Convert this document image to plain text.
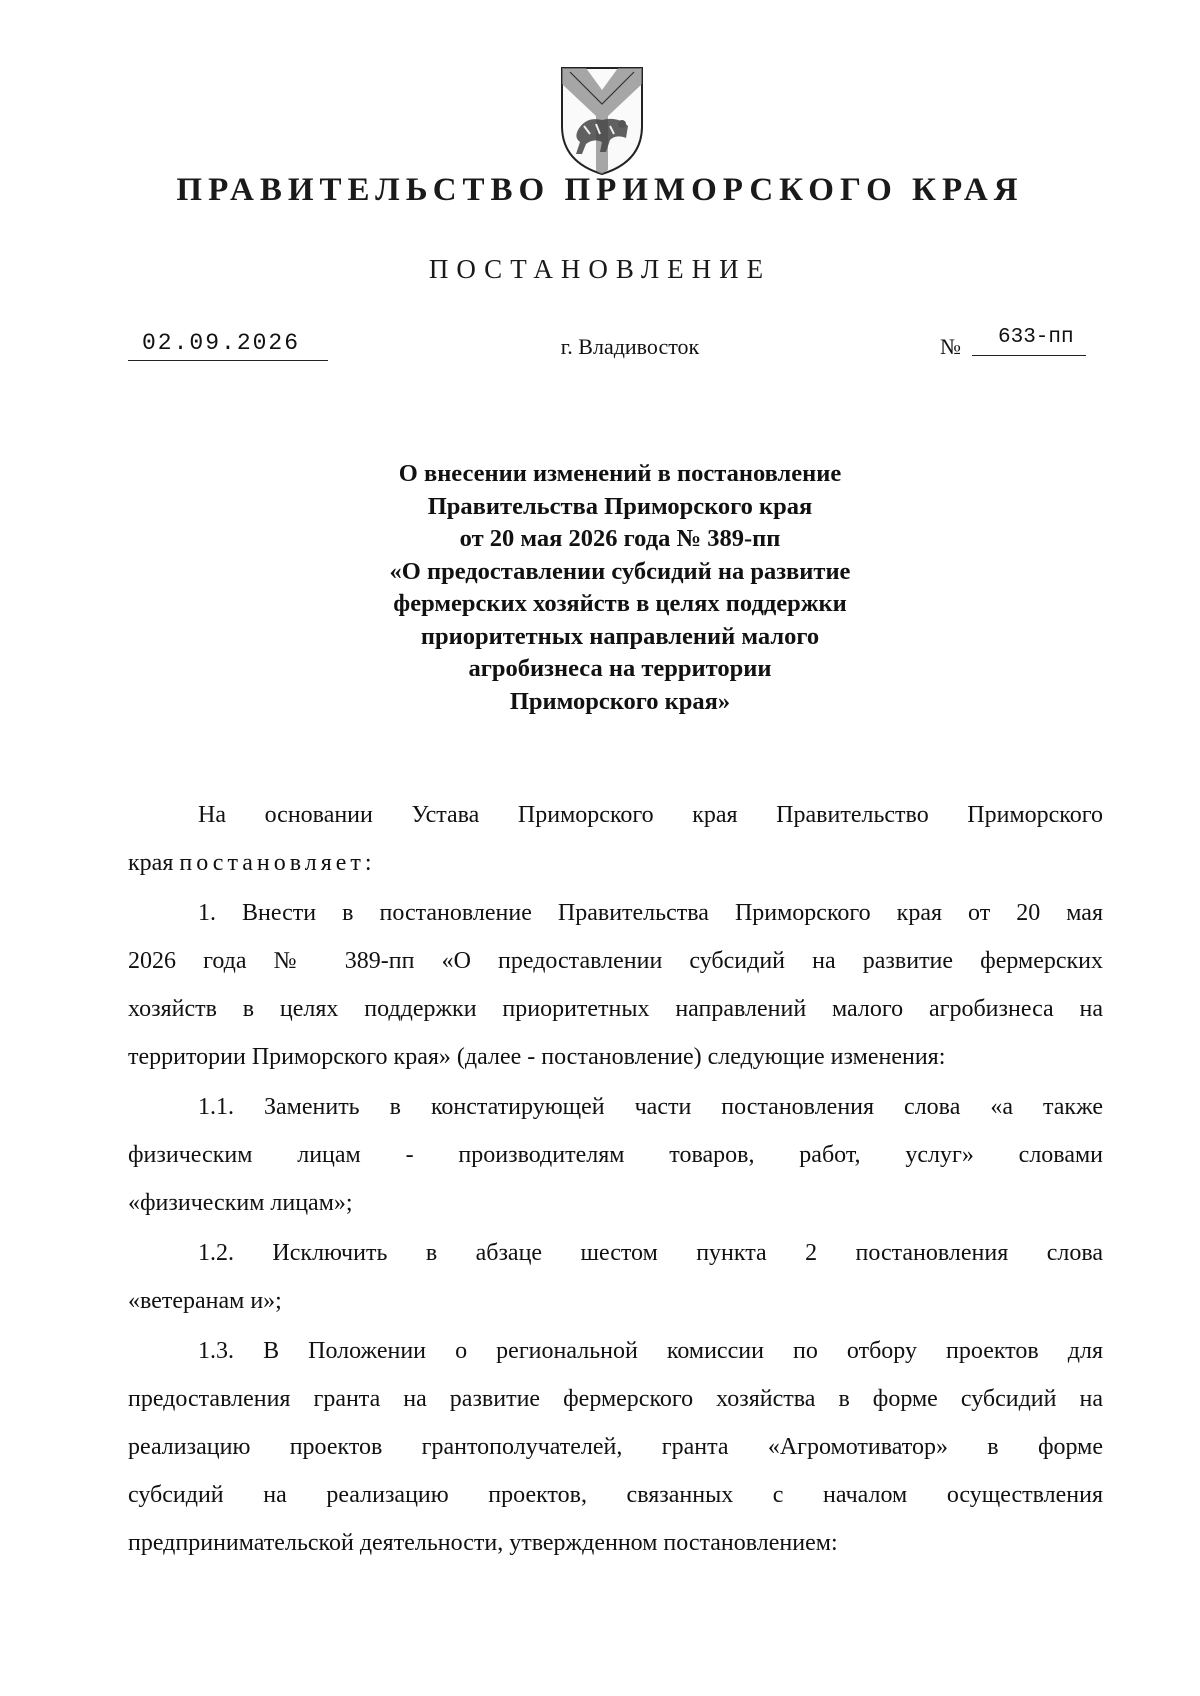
ПРАВИТЕЛЬСТВО ПРИМОРСКОГО КРАЯ
ПОСТАНОВЛЕНИЕ
02.09.2026	г. Владивосток	№	633-пп
О внесении изменений в постановление
Правительства Приморского края
от 20 мая 2026 года № 389-пп
«О предоставлении субсидий на развитие
фермерских хозяйств в целях поддержки
приоритетных направлений малого
агробизнеса на территории
Приморского края»
На основании Устава Приморского края Правительство Приморского
края постановляет:
1. Внести в постановление Правительства Приморского края от 20 мая
2026 года № 389-пп «О предоставлении субсидий на развитие фермерских
хозяйств в целях поддержки приоритетных направлений малого агробизнеса на
территории Приморского края» (далее - постановление) следующие изменения:
1.1. Заменить в констатирующей части постановления слова «а также
физическим лицам - производителям товаров, работ, услуг» словами
«физическим лицам»;
1.2. Исключить в абзаце шестом пункта 2 постановления слова
«ветеранам и»;
1.3. В Положении о региональной комиссии по отбору проектов для
предоставления гранта на развитие фермерского хозяйства в форме субсидий на
реализацию проектов грантополучателей, гранта «Агромотиватор» в форме
субсидий на реализацию проектов, связанных с началом осуществления
предпринимательской деятельности, утвержденном постановлением:
